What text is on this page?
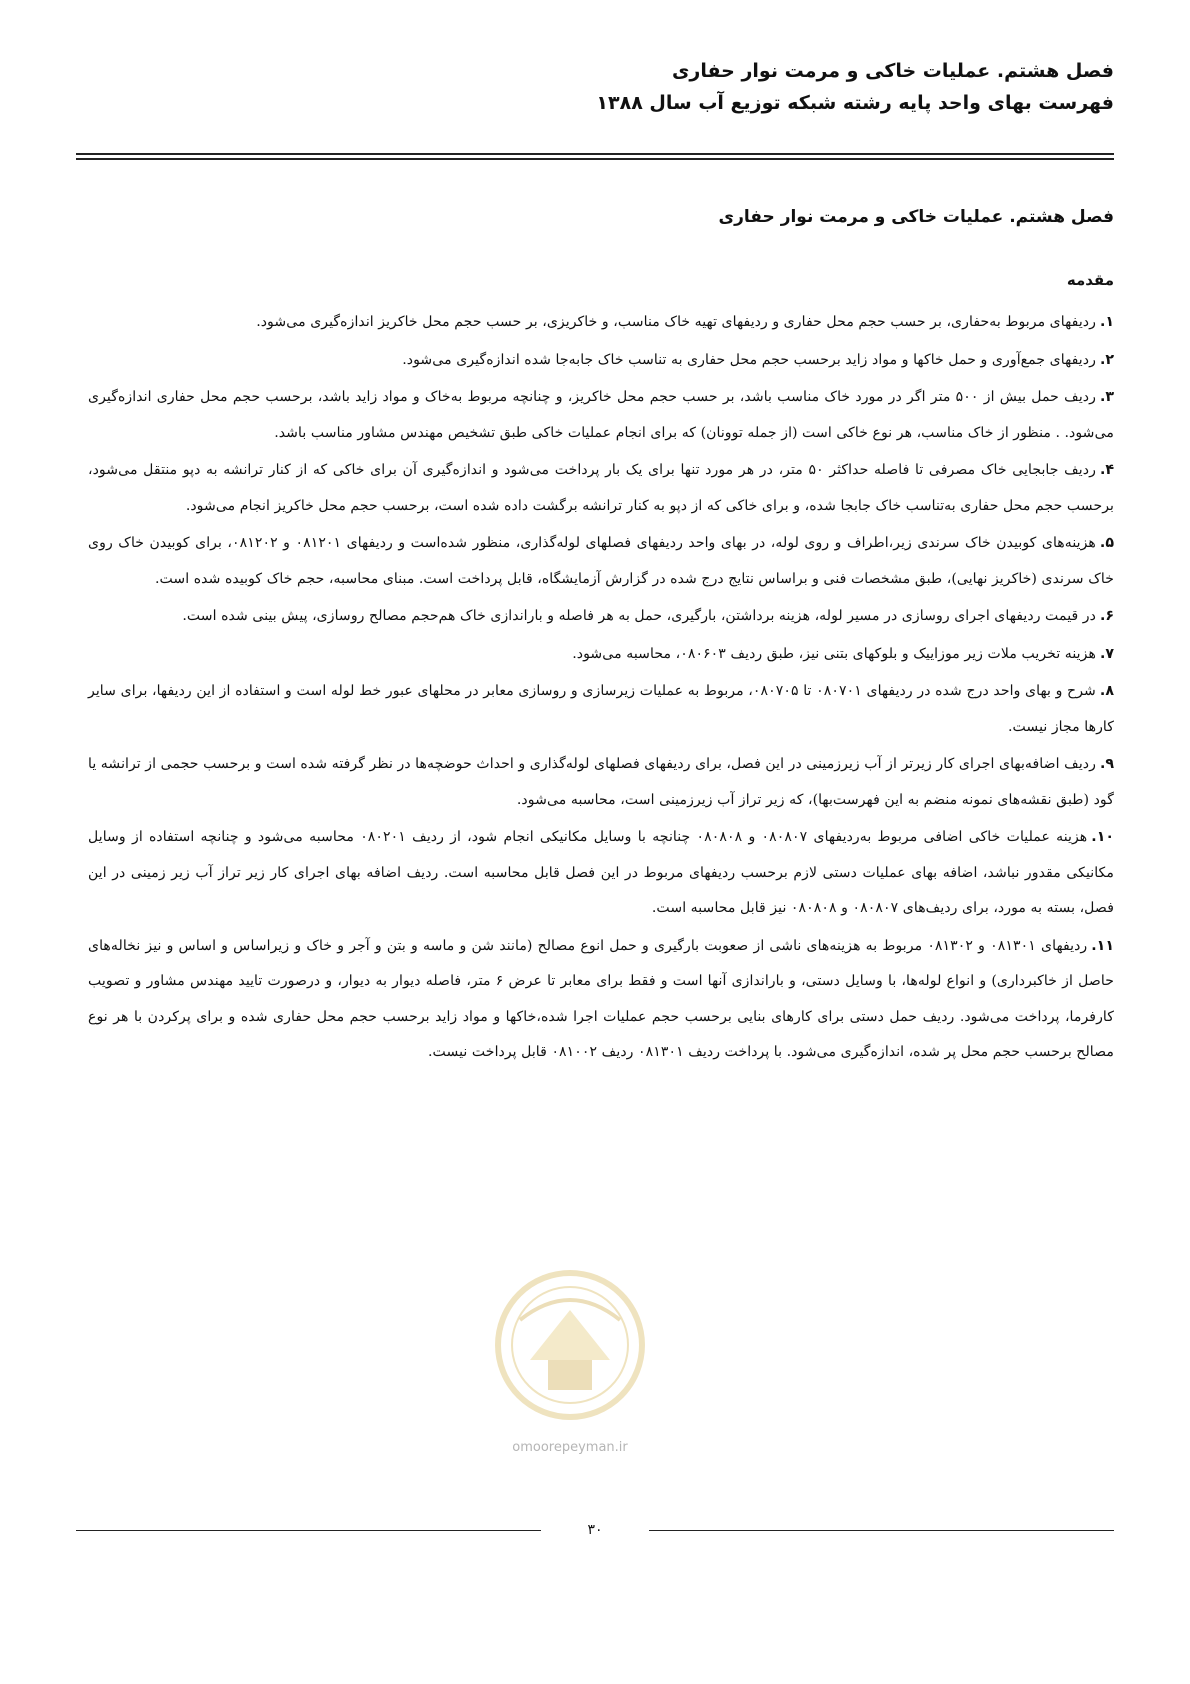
فصل هشتم. عملیات خاکی و مرمت نوار حفاری

فهرست بهای واحد پایه رشته شبکه توزیع آب سال ۱۳۸۸

فصل هشتم. عملیات خاکی و مرمت نوار حفاری

مقدمه

۱.ردیفهای مربوط به‌حفاری، بر حسب حجم محل حفاری و ردیفهای تهیه خاک مناسب، و خاکریزی، بر حسب حجم محل خاکریز اندازه‌گیری می‌شود.

۲.ردیفهای جمع‌آوری و حمل خاکها و مواد زاید برحسب حجم محل حفاری به تناسب خاک جابه‌جا شده اندازه‌گیری می‌شود.

۳.ردیف حمل بیش از ۵۰۰ متر اگر در مورد خاک مناسب باشد، بر حسب حجم محل خاکریز، و چنانچه مربوط به‌خاک و مواد زاید باشد، برحسب حجم محل حفاری اندازه‌گیری می‌شود. . منظور از خاک مناسب، هر نوع خاکی است (از جمله توونان) که برای انجام عملیات خاکی طبق تشخیص مهندس مشاور مناسب باشد.

۴.ردیف جابجایی خاک مصرفی تا فاصله حداکثر ۵۰ متر، در هر مورد تنها برای یک بار پرداخت می‌شود و اندازه‌گیری آن برای خاکی که از کنار ترانشه به دپو منتقل می‌شود، برحسب حجم محل حفاری به‌تناسب خاک جابجا شده، و برای خاکی که از دپو به کنار ترانشه برگشت داده شده است، برحسب حجم محل خاکریز انجام می‌شود.

۵.هزینه‌های کوبیدن خاک سرندی زیر،اطراف و روی لوله، در بهای واحد ردیفهای فصلهای لوله‌گذاری، منظور شده‌است و ردیفهای ۰۸۱۲۰۱ و ۰۸۱۲۰۲، برای کوبیدن خاک روی خاک سرندی (خاکریز نهایی)، طبق مشخصات فنی و براساس نتایج درج شده در گزارش آزمایشگاه، قابل پرداخت است. مبنای محاسبه، حجم خاک کوبیده شده است.

۶.در قیمت ردیفهای اجرای روسازی در مسیر لوله، هزینه برداشتن، بارگیری، حمل به هر فاصله و باراندازی خاک هم‌حجم مصالح روسازی، پیش بینی شده است.

۷.هزینه تخریب ملات زیر موزاییک و بلوکهای بتنی نیز، طبق ردیف ۰۸۰۶۰۳، محاسبه می‌شود.

۸.شرح و بهای واحد درج شده در ردیفهای ۰۸۰۷۰۱ تا ۰۸۰۷۰۵، مربوط به عملیات زیرسازی و روسازی معابر در محلهای عبور خط لوله است و استفاده از این ردیفها، برای سایر کارها مجاز نیست.

۹.ردیف اضافه‌بهای اجرای کار زیرتر از آب زیرزمینی در این فصل، برای ردیفهای فصلهای لوله‌گذاری و احداث حوضچه‌ها در نظر گرفته شده است و برحسب حجمی از ترانشه یا گود (طبق نقشه‌های نمونه منضم به این فهرست‌بها)، که زیر تراز آب زیرزمینی است، محاسبه می‌شود.

۱۰.هزینه عملیات خاکی اضافی مربوط به‌ردیفهای ۰۸۰۸۰۷ و ۰۸۰۸۰۸ چنانچه با وسایل مکانیکی انجام شود، از ردیف ۰۸۰۲۰۱ محاسبه می‌شود و چنانچه استفاده از وسایل مکانیکی مقدور نباشد، اضافه بهای عملیات دستی لازم برحسب ردیفهای مربوط در این فصل قابل محاسبه است. ردیف اضافه بهای اجرای کار زیر تراز آب زیر زمینی در این فصل، بسته به مورد، برای ردیف‌های ۰۸۰۸۰۷ و ۰۸۰۸۰۸ نیز قابل محاسبه است.

۱۱.ردیفهای ۰۸۱۳۰۱ و ۰۸۱۳۰۲ مربوط به هزینه‌های ناشی از صعوبت بارگیری و حمل انوع مصالح (مانند شن و ماسه و بتن و آجر و خاک و زیراساس و اساس و نیز نخاله‌های حاصل از خاکبرداری) و انواع لوله‌ها، با وسایل دستی، و باراندازی آنها است و فقط برای معابر تا عرض ۶ متر، فاصله دیوار به دیوار، و درصورت تایید مهندس مشاور و تصویب کارفرما، پرداخت می‌شود. ردیف حمل دستی برای کارهای بنایی برحسب حجم عملیات اجرا شده،خاکها و مواد زاید برحسب حجم محل حفاری شده و برای پرکردن با هر نوع مصالح برحسب حجم محل پر شده، اندازه‌گیری می‌شود. با پرداخت ردیف ۰۸۱۳۰۱ ردیف ۰۸۱۰۰۲ قابل پرداخت نیست.

omoorepeyman.ir
۳۰
